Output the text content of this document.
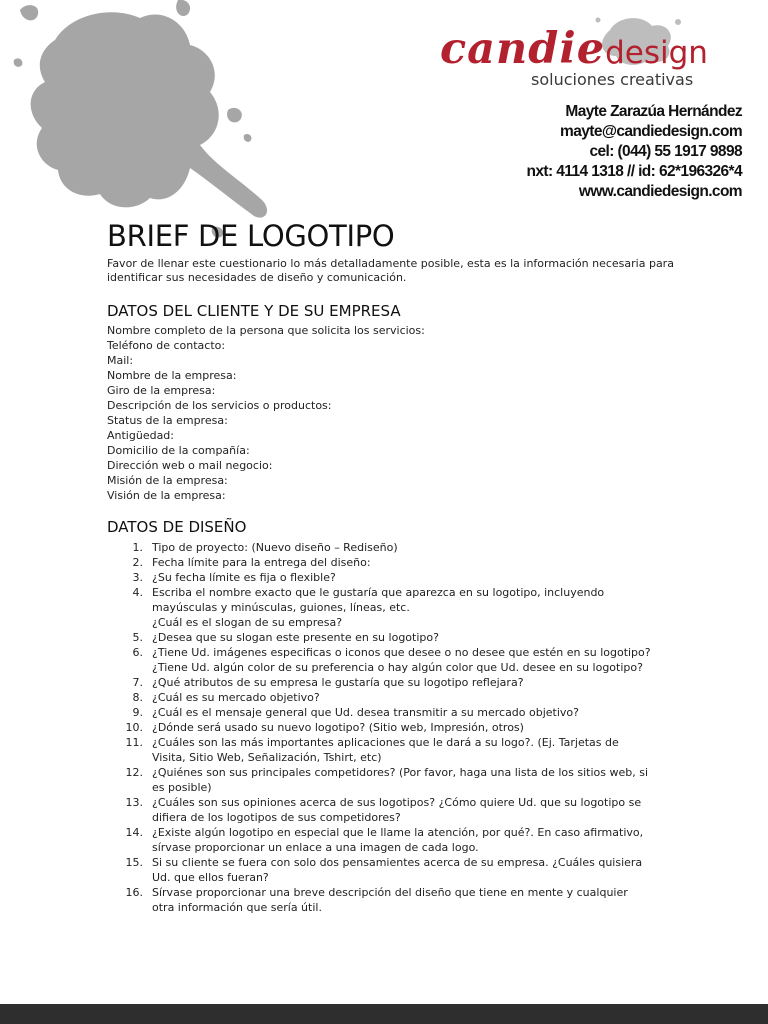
candiedesign
soluciones creativas
Mayte Zarazúa Hernández
mayte@candiedesign.com
cel: (044) 55 1917 9898
nxt: 4114 1318 // id: 62*196326*4
www.candiedesign.com
BRIEF DE LOGOTIPO
Favor de llenar este cuestionario lo más detalladamente posible, esta es la información necesaria para identificar sus necesidades de diseño y comunicación.
DATOS DEL CLIENTE Y DE SU EMPRESA
Nombre completo de la persona que solicita los servicios:
Teléfono de contacto:
Mail:
Nombre de la empresa:
Giro de la empresa:
Descripción de los servicios o productos:
Status de la empresa:
Antigüedad:
Domicilio de la compañía:
Dirección web o mail negocio:
Misión de la empresa:
Visión de la empresa:
DATOS DE DISEÑO
1. Tipo de proyecto: (Nuevo diseño – Rediseño)
2. Fecha límite para la entrega del diseño:
3. ¿Su fecha límite es fija o flexible?
4. Escriba el nombre exacto que le gustaría que aparezca en su logotipo, incluyendo
mayúsculas y minúsculas, guiones, líneas, etc.
¿Cuál es el slogan de su empresa?
5. ¿Desea que su slogan este presente en su logotipo?
6. ¿Tiene Ud. imágenes especificas o iconos que desee o no desee que estén en su logotipo?
¿Tiene Ud. algún color de su preferencia o hay algún color que Ud. desee en su logotipo?
7. ¿Qué atributos de su empresa le gustaría que su logotipo reflejara?
8. ¿Cuál es su mercado objetivo?
9. ¿Cuál es el mensaje general que Ud. desea transmitir a su mercado objetivo?
10. ¿Dónde será usado su nuevo logotipo? (Sitio web, Impresión, otros)
11. ¿Cuáles son las más importantes aplicaciones que le dará a su logo?. (Ej. Tarjetas de
Visita, Sitio Web, Señalización, Tshirt, etc)
12. ¿Quiénes son sus principales competidores? (Por favor, haga una lista de los sitios web, si
es posible)
13. ¿Cuáles son sus opiniones acerca de sus logotipos? ¿Cómo quiere Ud. que su logotipo se
difiera de los logotipos de sus competidores?
14. ¿Existe algún logotipo en especial que le llame la atención, por qué?. En caso afirmativo,
sírvase proporcionar un enlace a una imagen de cada logo.
15. Si su cliente se fuera con solo dos pensamientes acerca de su empresa. ¿Cuáles quisiera
Ud. que ellos fueran?
16. Sírvase proporcionar una breve descripción del diseño que tiene en mente y cualquier
otra información que sería útil.
